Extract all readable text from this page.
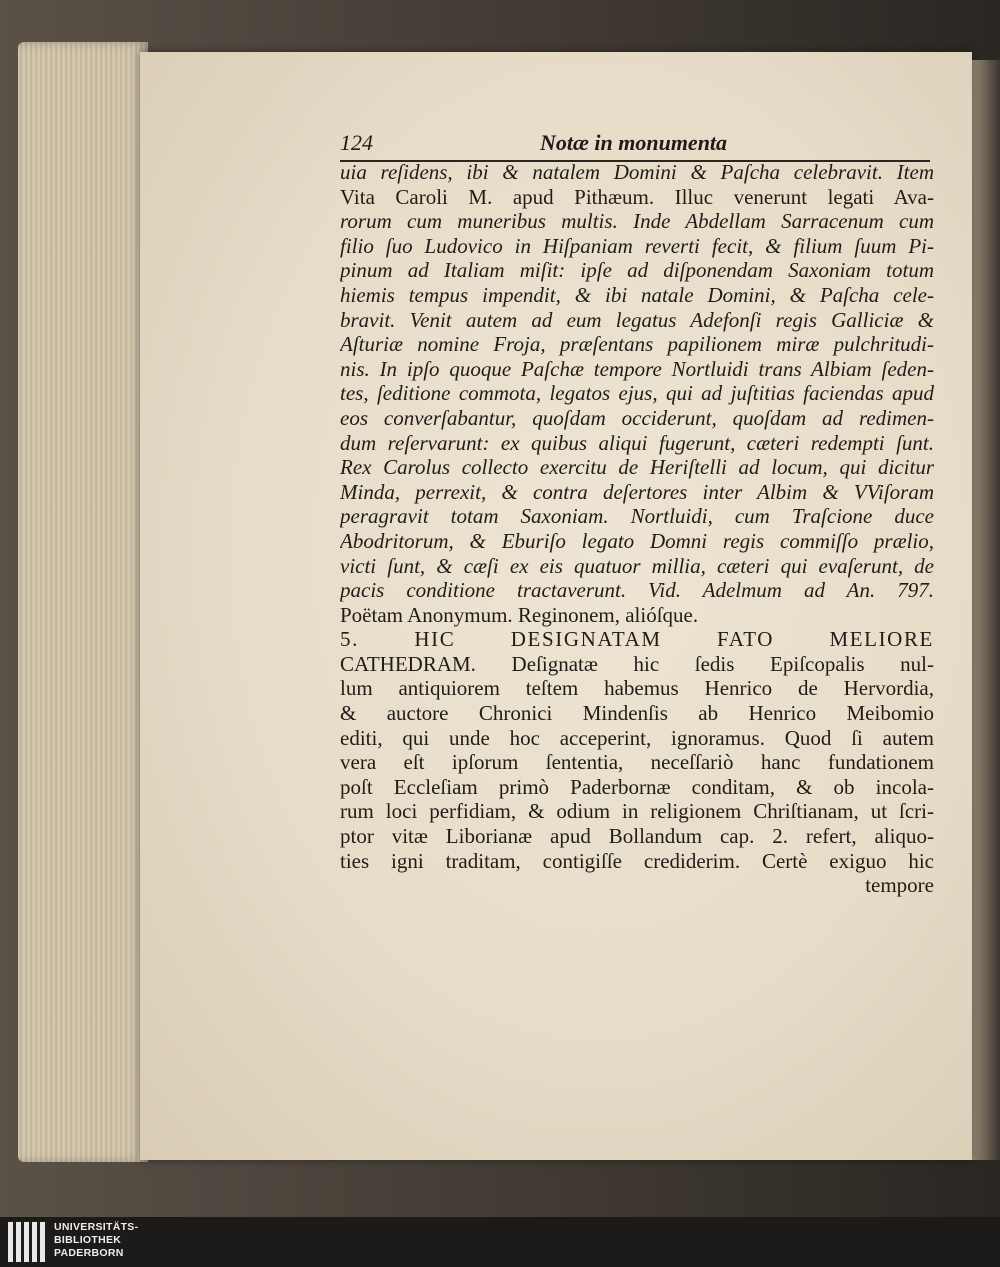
124	Notæ in monumenta
uia reſidens, ibi & natalem Domini & Paſcha celebravit. Item
Vita Caroli M. apud Pithæum. Illuc venerunt legati Ava-
rorum cum muneribus multis. Inde Abdellam Sarracenum cum
filio ſuo Ludovico in Hiſpaniam reverti fecit, & filium ſuum Pi-
pinum ad Italiam miſit: ipſe ad diſponendam Saxoniam totum
hiemis tempus impendit, & ibi natale Domini, & Paſcha cele-
bravit. Venit autem ad eum legatus Adefonſi regis Galliciæ &
Aſturiæ nomine Froja, præſentans papilionem miræ pulchritudi-
nis. In ipſo quoque Paſchæ tempore Nortluidi trans Albiam ſeden-
tes, ſeditione commota, legatos ejus, qui ad juſtitias faciendas apud
eos converſabantur, quoſdam occiderunt, quoſdam ad redimen-
dum reſervarunt: ex quibus aliqui fugerunt, cæteri redempti ſunt.
Rex Carolus collecto exercitu de Heriſtelli ad locum, qui dicitur
Minda, perrexit, & contra deſertores inter Albim & VViſoram
peragravit totam Saxoniam. Nortluidi, cum Traſcione duce
Abodritorum, & Eburiſo legato Domni regis commiſſo prælio,
victi ſunt, & cæſi ex eis quatuor millia, cæteri qui evaſerunt, de
pacis conditione tractaverunt. Vid. Adelmum ad An. 797.
Poëtam Anonymum. Reginonem, alióſque.
5. HIC DESIGNATAM FATO MELIORE
CATHEDRAM. Deſignatæ hic ſedis Epiſcopalis nul-
lum antiquiorem teſtem habemus Henrico de Hervordia,
& auctore Chronici Mindenſis ab Henrico Meibomio
editi, qui unde hoc acceperint, ignoramus. Quod ſi autem
vera eſt ipſorum ſententia, neceſſariò hanc fundationem
poſt Eccleſiam primò Paderbornæ conditam, & ob incola-
rum loci perfidiam, & odium in religionem Chriſtianam, ut ſcri-
ptor vitæ Liborianæ apud Bollandum cap. 2. refert, aliquo-
ties igni traditam, contigiſſe crediderim. Certè exiguo hic
tempore
UNIVERSITÄTS-
BIBLIOTHEK
PADERBORN
